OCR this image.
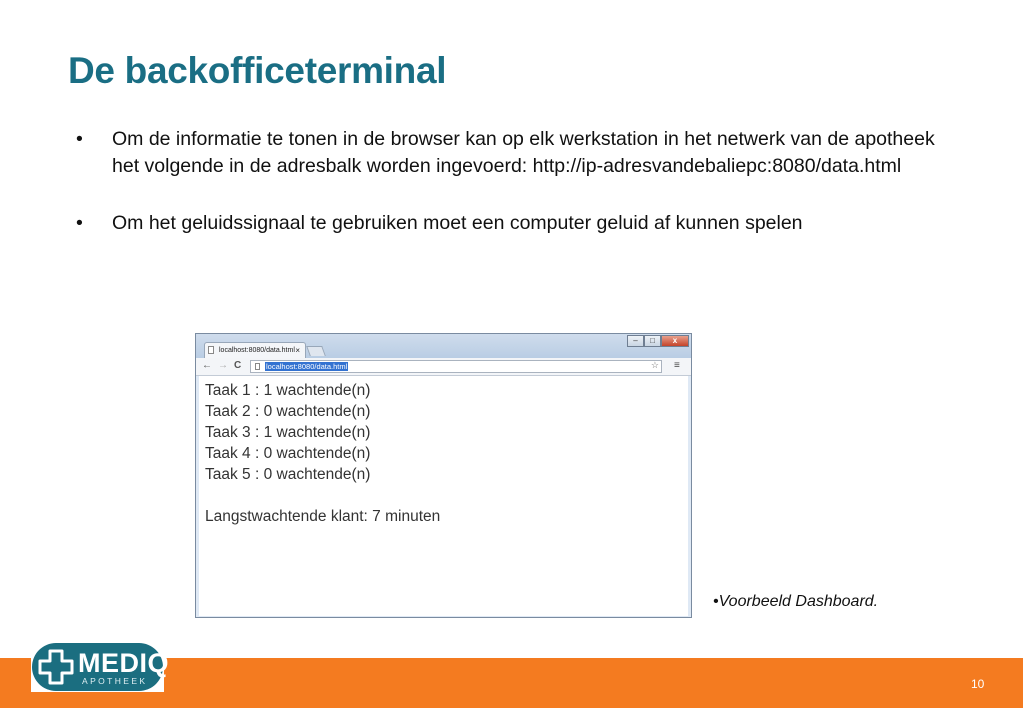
De backofficeterminal
• Om de informatie te tonen in de browser kan op elk werkstation in het netwerk van de apotheek het volgende in de adresbalk worden ingevoerd: http://ip-adresvandebaliepc:8080/data.html
• Om het geluidssignaal te gebruiken moet een computer geluid af kunnen spelen
localhost:8080/data.html ×
–	□	x
← → C	localhost:8080/data.html	☆ ≡
Taak 1 : 1 wachtende(n)
Taak 2 : 0 wachtende(n)
Taak 3 : 1 wachtende(n)
Taak 4 : 0 wachtende(n)
Taak 5 : 0 wachtende(n)
Langstwachtende klant: 7 minuten
•Voorbeeld Dashboard.
MEDIQ
APOTHEEK	10
